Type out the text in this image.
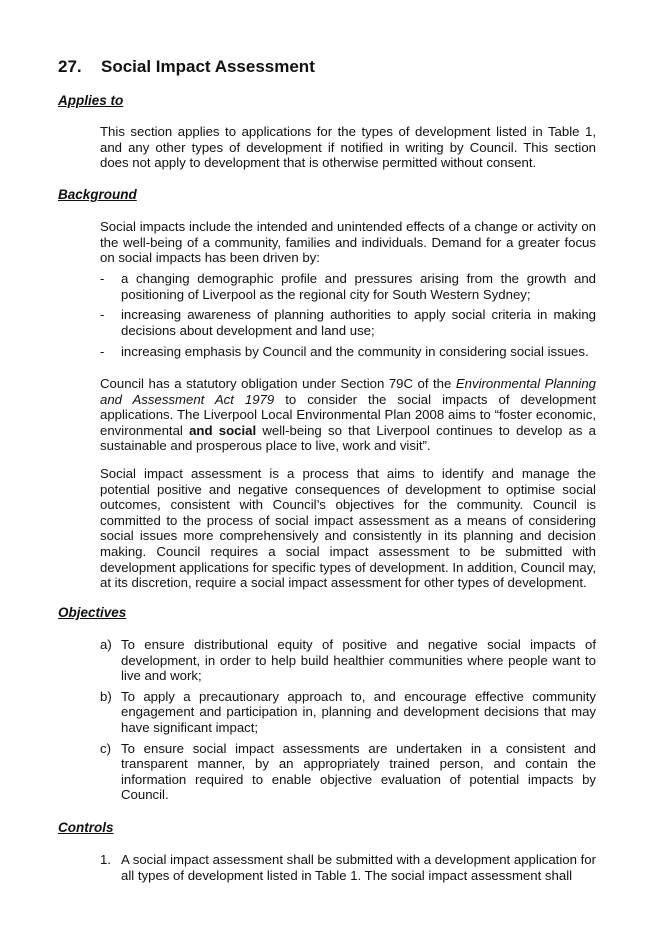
27. Social Impact Assessment
Applies to

This section applies to applications for the types of development listed in Table 1, and any other types of development if notified in writing by Council. This section does not apply to development that is otherwise permitted without consent.

Background

Social impacts include the intended and unintended effects of a change or activity on the well-being of a community, families and individuals. Demand for a greater focus on social impacts has been driven by:

- a changing demographic profile and pressures arising from the growth and positioning of Liverpool as the regional city for South Western Sydney;
- increasing awareness of planning authorities to apply social criteria in making decisions about development and land use;
- increasing emphasis by Council and the community in considering social issues.

Council has a statutory obligation under Section 79C of the Environmental Planning and Assessment Act 1979 to consider the social impacts of development applications. The Liverpool Local Environmental Plan 2008 aims to “foster economic, environmental and social well-being so that Liverpool continues to develop as a sustainable and prosperous place to live, work and visit”.

Social impact assessment is a process that aims to identify and manage the potential positive and negative consequences of development to optimise social outcomes, consistent with Council’s objectives for the community. Council is committed to the process of social impact assessment as a means of considering social issues more comprehensively and consistently in its planning and decision making. Council requires a social impact assessment to be submitted with development applications for specific types of development. In addition, Council may, at its discretion, require a social impact assessment for other types of development.

Objectives
a) To ensure distributional equity of positive and negative social impacts of development, in order to help build healthier communities where people want to live and work;
b) To apply a precautionary approach to, and encourage effective community engagement and participation in, planning and development decisions that may have significant impact;
c) To ensure social impact assessments are undertaken in a consistent and transparent manner, by an appropriately trained person, and contain the information required to enable objective evaluation of potential impacts by Council.
Controls
1. A social impact assessment shall be submitted with a development application for all types of development listed in Table 1. The social impact assessment shall
